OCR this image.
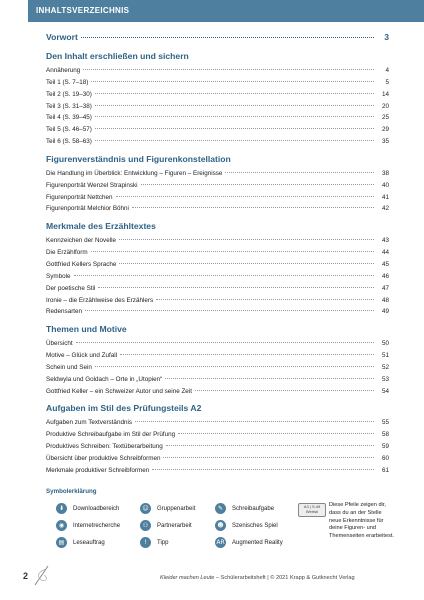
INHALTSVERZEICHNIS
Vorwort	3
Den Inhalt erschließen und sichern
Annäherung	4
Teil 1 (S. 7–18)	5
Teil 2 (S. 19–30)	14
Teil 3 (S. 31–38)	20
Teil 4 (S. 39–45)	25
Teil 5 (S. 46–57)	29
Teil 6 (S. 58–63)	35
Figurenverständnis und Figurenkonstellation
Die Handlung im Überblick: Entwicklung – Figuren – Ereignisse	38
Figurenporträt Wenzel Strapinski	40
Figurenporträt Nettchen	41
Figurenporträt Melchior Böhni	42
Merkmale des Erzähltextes
Kennzeichen der Novelle	43
Die Erzählform	44
Gottfried Kellers Sprache	45
Symbole	46
Der poetische Stil	47
Ironie – die Erzählweise des Erzählers	48
Redensarten	49
Themen und Motive
Übersicht	50
Motive – Glück und Zufall	51
Schein und Sein	52
Seldwyla und Goldach – Orte in „Utopien“	53
Gottfried Keller – ein Schweizer Autor und seine Zeit	54
Aufgaben im Stil des Prüfungsteils A2
Aufgaben zum Textverständnis	55
Produktive Schreibaufgabe im Stil der Prüfung	58
Produktives Schreiben: Textüberarbeitung	59
Übersicht über produktive Schreibformen	60
Merkmale produktiver Schreibformen	61
Symbolerklärung
⬇	Downloadbereich	☺	Gruppenarbeit	✎	Schreibaufgabe
◉	Internetrecherche	⚇	Partnerarbeit	☻	Szenisches Spiel
▤	Leseauftrag	!	Tipp	AR Augmented Reality
A3 | S.49 Wertsil
Diese Pfeile zeigen dir, dass du an der Stelle neue Erkenntnisse für deine Figuren- und Themenseiten erarbeitest.
2	Kleider machen Leute – Schülerarbeitsheft | © 2021 Krapp & Gutknecht Verlag
